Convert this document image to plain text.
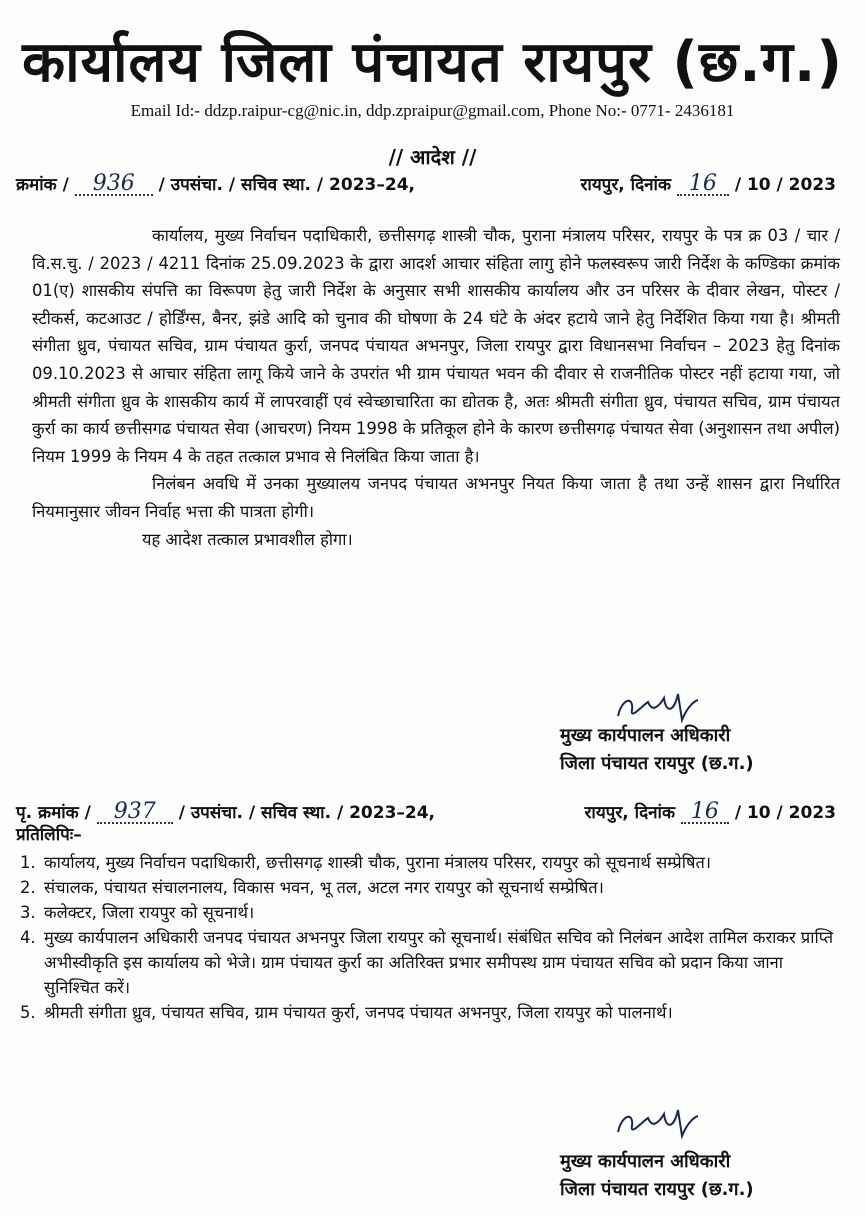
कार्यालय जिला पंचायत रायपुर (छ.ग.)
Email Id:- ddzp.raipur-cg@nic.in, ddp.zpraipur@gmail.com, Phone No:- 0771- 2436181
// आदेश //
क्रमांक / 936 / उपसंचा. / सचिव स्था. / 2023–24,	रायपुर, दिनांक 16 / 10 / 2023

कार्यालय, मुख्य निर्वाचन पदाधिकारी, छत्तीसगढ़ शास्त्री चौक, पुराना मंत्रालय परिसर, रायपुर के पत्र क्र 03 / चार / वि.स.चु. / 2023 / 4211 दिनांक 25.09.2023 के द्वारा आदर्श आचार संहिता लागु होने फलस्वरूप जारी निर्देश के कण्डिका क्रमांक 01(ए) शासकीय संपत्ति का विरूपण हेतु जारी निर्देश के अनुसार सभी शासकीय कार्यालय और उन परिसर के दीवार लेखन, पोस्टर / स्टीकर्स, कटआउट / होर्डिंग्स, बैनर, झंडे आदि को चुनाव की घोषणा के 24 घंटे के अंदर हटाये जाने हेतु निर्देशित किया गया है। श्रीमती संगीता ध्रुव, पंचायत सचिव, ग्राम पंचायत कुर्रा, जनपद पंचायत अभनपुर, जिला रायपुर द्वारा विधानसभा निर्वाचन – 2023 हेतु दिनांक 09.10.2023 से आचार संहिता लागू किये जाने के उपरांत भी ग्राम पंचायत भवन की दीवार से राजनीतिक पोस्टर नहीं हटाया गया, जो श्रीमती संगीता ध्रुव के शासकीय कार्य में लापरवाहीं एवं स्वेच्छाचारिता का द्योतक है, अतः श्रीमती संगीता ध्रुव, पंचायत सचिव, ग्राम पंचायत कुर्रा का कार्य छत्तीसगढ पंचायत सेवा (आचरण) नियम 1998 के प्रतिकूल होने के कारण छत्तीसगढ़ पंचायत सेवा (अनुशासन तथा अपील) नियम 1999 के नियम 4 के तहत तत्काल प्रभाव से निलंबित किया जाता है।

निलंबन अवधि में उनका मुख्यालय जनपद पंचायत अभनपुर नियत किया जाता है तथा उन्हें शासन द्वारा निर्धारित नियमानुसार जीवन निर्वाह भत्ता की पात्रता होगी।

यह आदेश तत्काल प्रभावशील होगा।

मुख्य कार्यपालन अधिकारी
जिला पंचायत रायपुर (छ.ग.)
पृ. क्रमांक / 937 / उपसंचा. / सचिव स्था. / 2023–24,	रायपुर, दिनांक 16 / 10 / 2023
प्रतिलिपिः–
1. कार्यालय, मुख्य निर्वाचन पदाधिकारी, छत्तीसगढ़ शास्त्री चौक, पुराना मंत्रालय परिसर, रायपुर को सूचनार्थ सम्प्रेषित।
2. संचालक, पंचायत संचालनालय, विकास भवन, भू तल, अटल नगर रायपुर को सूचनार्थ सम्प्रेषित।
3. कलेक्टर, जिला रायपुर को सूचनार्थ।
4. मुख्य कार्यपालन अधिकारी जनपद पंचायत अभनपुर जिला रायपुर को सूचनार्थ। संबंधित सचिव को निलंबन आदेश तामिल कराकर प्राप्ति अभीस्वीकृति इस कार्यालय को भेजे। ग्राम पंचायत कुर्रा का अतिरिक्त प्रभार समीपस्थ ग्राम पंचायत सचिव को प्रदान किया जाना सुनिश्चित करें।
5. श्रीमती संगीता ध्रुव, पंचायत सचिव, ग्राम पंचायत कुर्रा, जनपद पंचायत अभनपुर, जिला रायपुर को पालनार्थ।
मुख्य कार्यपालन अधिकारी
जिला पंचायत रायपुर (छ.ग.)
